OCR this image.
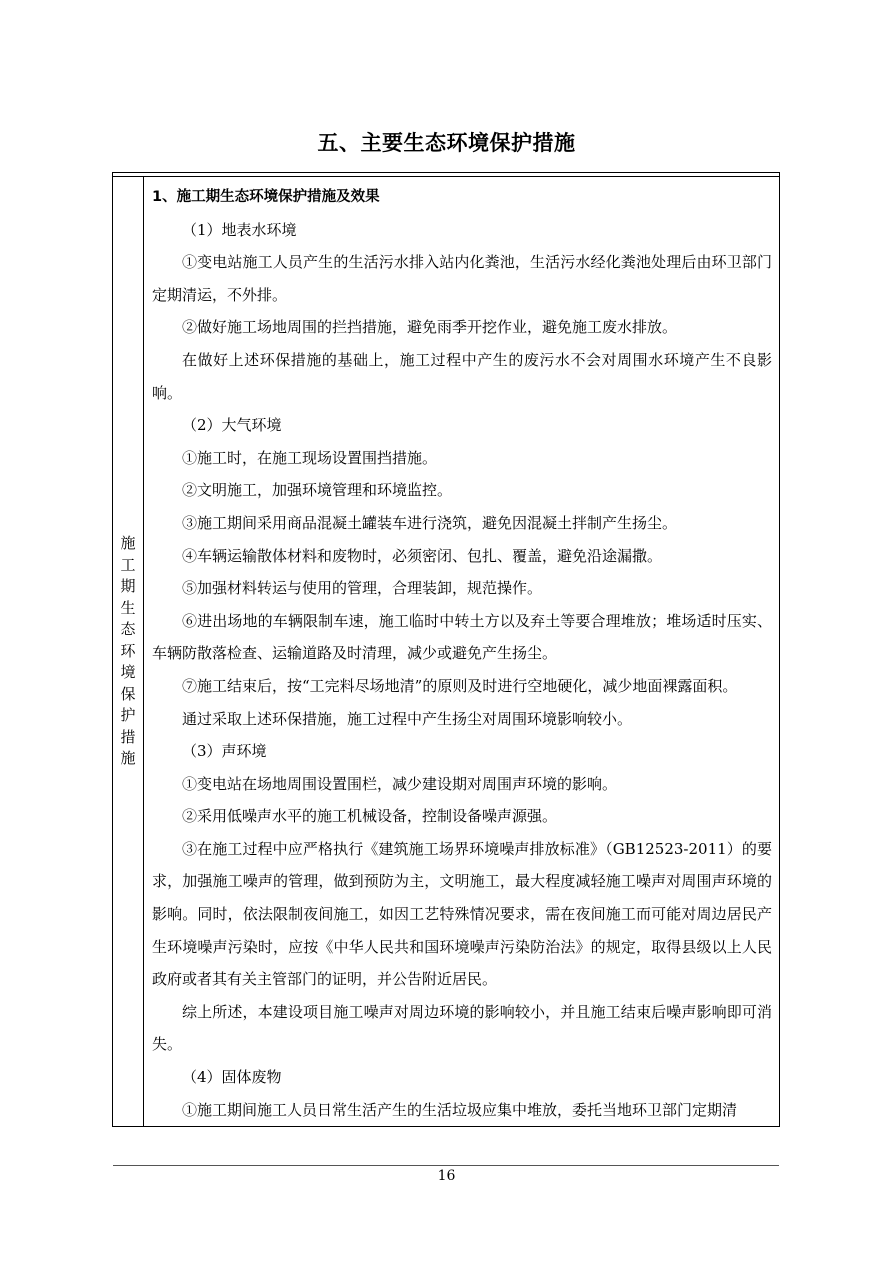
五、主要生态环境保护措施
施
工
期
生
态
环
境
保
护
措
施

1、施工期生态环境保护措施及效果

（1）地表水环境

①变电站施工人员产生的生活污水排入站内化粪池，生活污水经化粪池处理后由环卫部门定期清运，不外排。

②做好施工场地周围的拦挡措施，避免雨季开挖作业，避免施工废水排放。

在做好上述环保措施的基础上，施工过程中产生的废污水不会对周围水环境产生不良影响。

（2）大气环境

①施工时，在施工现场设置围挡措施。

②文明施工，加强环境管理和环境监控。

③施工期间采用商品混凝土罐装车进行浇筑，避免因混凝土拌制产生扬尘。

④车辆运输散体材料和废物时，必须密闭、包扎、覆盖，避免沿途漏撒。

⑤加强材料转运与使用的管理，合理装卸，规范操作。

⑥进出场地的车辆限制车速，施工临时中转土方以及弃土等要合理堆放；堆场适时压实、车辆防散落检查、运输道路及时清理，减少或避免产生扬尘。

⑦施工结束后，按“工完料尽场地清”的原则及时进行空地硬化，减少地面裸露面积。

通过采取上述环保措施，施工过程中产生扬尘对周围环境影响较小。

（3）声环境

①变电站在场地周围设置围栏，减少建设期对周围声环境的影响。

②采用低噪声水平的施工机械设备，控制设备噪声源强。

③在施工过程中应严格执行《建筑施工场界环境噪声排放标准》（GB12523-2011）的要求，加强施工噪声的管理，做到预防为主，文明施工，最大程度减轻施工噪声对周围声环境的影响。同时，依法限制夜间施工，如因工艺特殊情况要求，需在夜间施工而可能对周边居民产生环境噪声污染时，应按《中华人民共和国环境噪声污染防治法》的规定，取得县级以上人民政府或者其有关主管部门的证明，并公告附近居民。

综上所述，本建设项目施工噪声对周边环境的影响较小，并且施工结束后噪声影响即可消失。

（4）固体废物

①施工期间施工人员日常生活产生的生活垃圾应集中堆放，委托当地环卫部门定期清

16
